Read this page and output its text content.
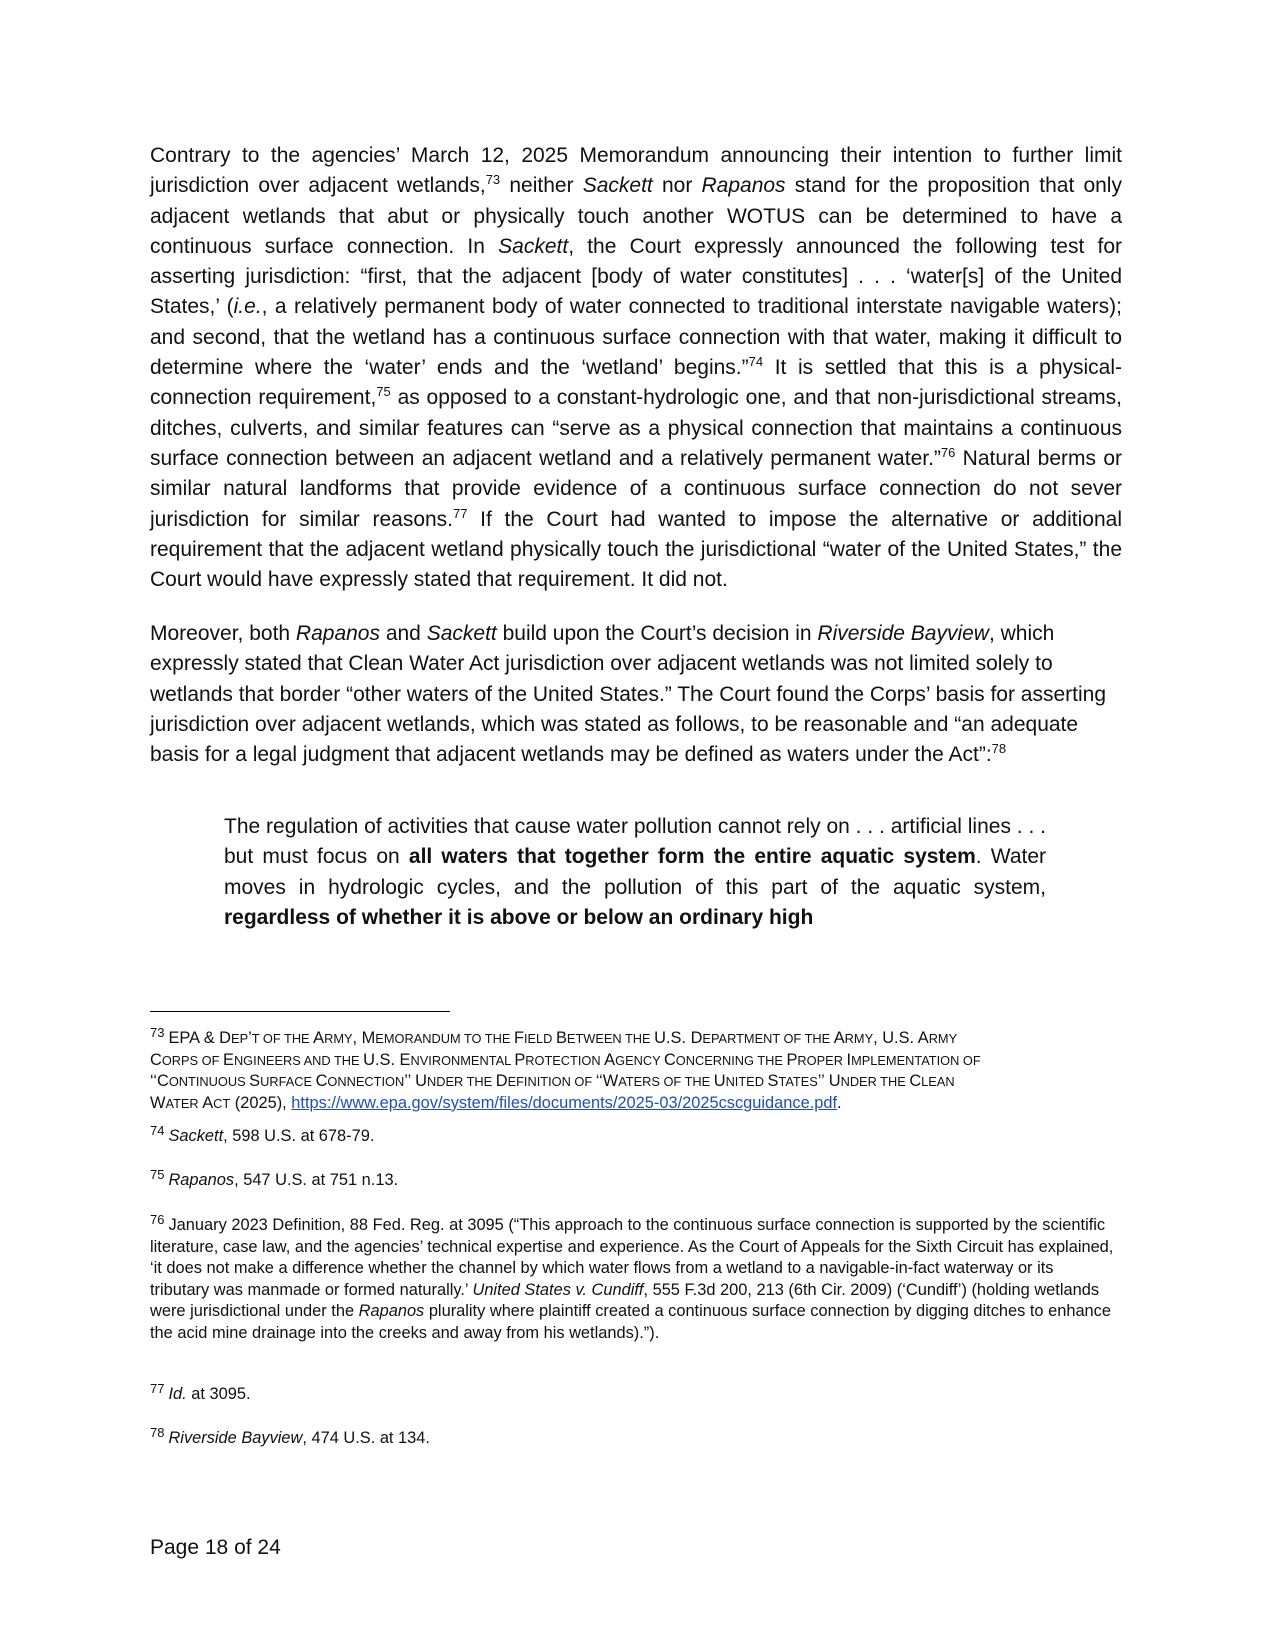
Contrary to the agencies’ March 12, 2025 Memorandum announcing their intention to further limit jurisdiction over adjacent wetlands,$^{73}$ neither Sackett nor Rapanos stand for the proposition that only adjacent wetlands that abut or physically touch another WOTUS can be determined to have a continuous surface connection. In Sackett, the Court expressly announced the following test for asserting jurisdiction: “first, that the adjacent [body of water constitutes] . . . ‘water[s] of the United States,’ (i.e., a relatively permanent body of water connected to traditional interstate navigable waters); and second, that the wetland has a continuous surface connection with that water, making it difficult to determine where the ‘water’ ends and the ‘wetland’ begins.”$^{74}$ It is settled that this is a physical-connection requirement,$^{75}$ as opposed to a constant-hydrologic one, and that non-jurisdictional streams, ditches, culverts, and similar features can “serve as a physical connection that maintains a continuous surface connection between an adjacent wetland and a relatively permanent water.”$^{76}$ Natural berms or similar natural landforms that provide evidence of a continuous surface connection do not sever jurisdiction for similar reasons.$^{77}$ If the Court had wanted to impose the alternative or additional requirement that the adjacent wetland physically touch the jurisdictional “water of the United States,” the Court would have expressly stated that requirement. It did not.

Moreover, both Rapanos and Sackett build upon the Court’s decision in Riverside Bayview, which expressly stated that Clean Water Act jurisdiction over adjacent wetlands was not limited solely to wetlands that border “other waters of the United States.” The Court found the Corps’ basis for asserting jurisdiction over adjacent wetlands, which was stated as follows, to be reasonable and “an adequate basis for a legal judgment that adjacent wetlands may be defined as waters under the Act”:$^{78}$

The regulation of activities that cause water pollution cannot rely on . . . artificial lines . . . but must focus on all waters that together form the entire aquatic system. Water moves in hydrologic cycles, and the pollution of this part of the aquatic system, regardless of whether it is above or below an ordinary high

$^{73}$ EPA & DEP’T OF THE ARMY, MEMORANDUM TO THE FIELD BETWEEN THE U.S. DEPARTMENT OF THE ARMY, U.S. ARMY
CORPS OF ENGINEERS AND THE U.S. ENVIRONMENTAL PROTECTION AGENCY CONCERNING THE PROPER IMPLEMENTATION OF
‘‘CONTINUOUS SURFACE CONNECTION’’ UNDER THE DEFINITION OF ‘‘WATERS OF THE UNITED STATES’’ UNDER THE CLEAN
WATER ACT (2025), https://www.epa.gov/system/files/documents/2025-03/2025cscguidance.pdf.

$^{74}$ Sackett, 598 U.S. at 678-79.

$^{75}$ Rapanos, 547 U.S. at 751 n.13.

$^{76}$ January 2023 Definition, 88 Fed. Reg. at 3095 (“This approach to the continuous surface connection is supported by the scientific literature, case law, and the agencies’ technical expertise and experience. As the Court of Appeals for the Sixth Circuit has explained, ‘it does not make a difference whether the channel by which water flows from a wetland to a navigable-in-fact waterway or its tributary was manmade or formed naturally.’ United States v. Cundiff, 555 F.3d 200, 213 (6th Cir. 2009) (‘Cundiff’) (holding wetlands were jurisdictional under the Rapanos plurality where plaintiff created a continuous surface connection by digging ditches to enhance the acid mine drainage into the creeks and away from his wetlands).”).

$^{77}$ Id. at 3095.

$^{78}$ Riverside Bayview, 474 U.S. at 134.

Page 18 of 24
